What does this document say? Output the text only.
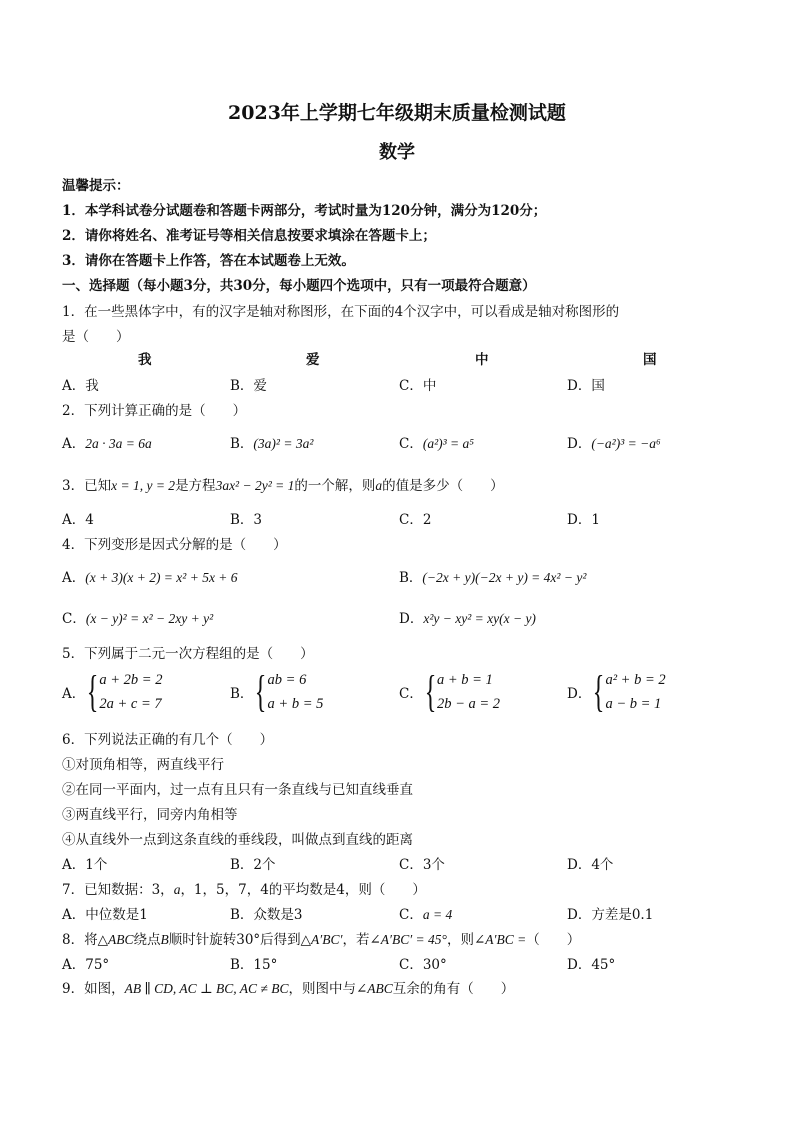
2023年上学期七年级期末质量检测试题
数学
温馨提示：
1．本学科试卷分试题卷和答题卡两部分，考试时量为120分钟，满分为120分；
2．请你将姓名、准考证号等相关信息按要求填涂在答题卡上；
3．请你在答题卡上作答，答在本试题卷上无效。
一、选择题（每小题3分，共30分，每小题四个选项中，只有一项最符合题意）
1．在一些黑体字中，有的汉字是轴对称图形，在下面的4个汉字中，可以看成是轴对称图形的
是（　　）
我	爱	中	国
A．我	B．爱	C．中	D．国
2．下列计算正确的是（　　）
A．2a · 3a = 6a	B．(3a)² = 3a²	C．(a²)³ = a⁵	D．(−a²)³ = −a⁶
3．已知x = 1, y = 2是方程3ax² − 2y² = 1的一个解，则a的值是多少（　　）
A．4	B．3	C．2	D．1
4．下列变形是因式分解的是（　　）
A．(x + 3)(x + 2) = x² + 5x + 6	B．(−2x + y)(−2x + y) = 4x² − y²
C．(x − y)² = x² − 2xy + y²	D．x²y − xy² = xy(x − y)
5．下列属于二元一次方程组的是（　　）
A． { a + 2b = 2
2a + c = 7
B． { ab = 6
a + b = 5
C． { a + b = 1
2b − a = 2
D． { a² + b = 2
a − b = 1
6．下列说法正确的有几个（　　）
①对顶角相等，两直线平行
②在同一平面内，过一点有且只有一条直线与已知直线垂直
③两直线平行，同旁内角相等
④从直线外一点到这条直线的垂线段，叫做点到直线的距离
A．1个	B．2个	C．3个	D．4个
7．已知数据：3，a，1，5，7，4的平均数是4，则（　　）
A．中位数是1	B．众数是3	C．a = 4	D．方差是0.1
8．将△ABC绕点B顺时针旋转30°后得到△A′BC′，若∠A′BC′ = 45°，则∠A′BC =（　　）
A．75°	B．15°	C．30°	D．45°
9．如图，AB ∥ CD, AC ⊥ BC, AC ≠ BC，则图中与∠ABC互余的角有（　　）
